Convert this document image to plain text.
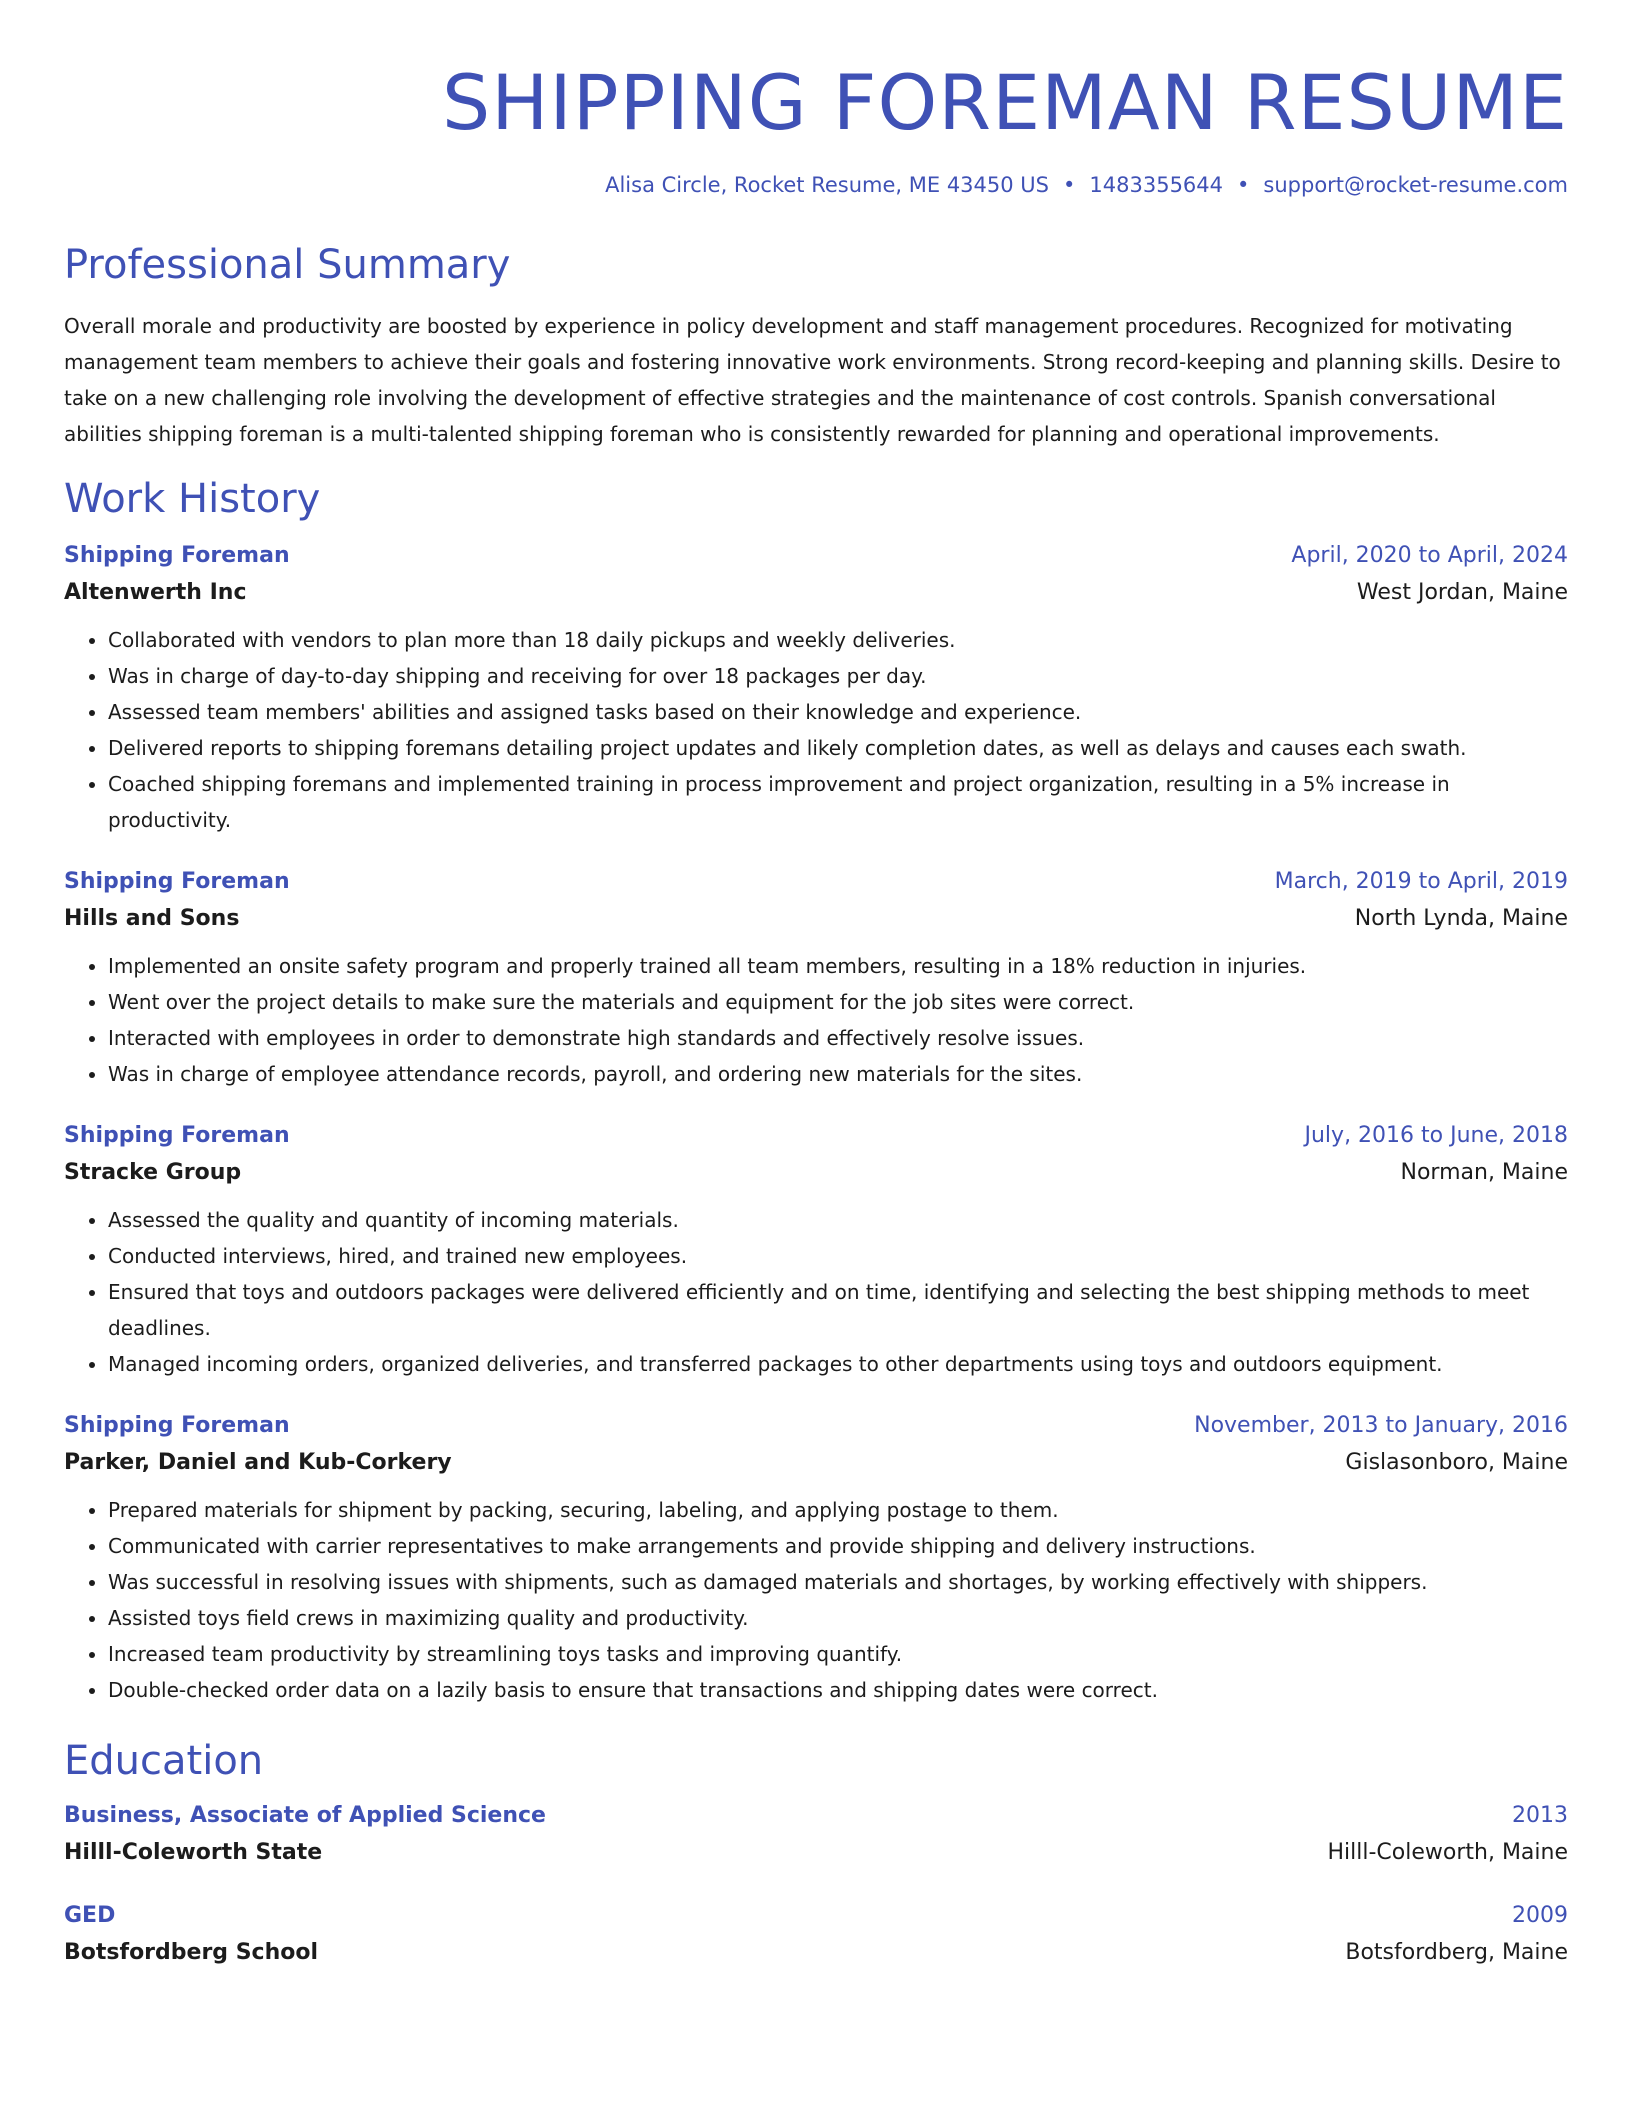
SHIPPING FOREMAN RESUME
Alisa Circle, Rocket Resume, ME 43450 US • 1483355644 • support@rocket-resume.com
Professional Summary
Overall morale and productivity are boosted by experience in policy development and staff management procedures. Recognized for motivating management team members to achieve their goals and fostering innovative work environments. Strong record-keeping and planning skills. Desire to take on a new challenging role involving the development of effective strategies and the maintenance of cost controls. Spanish conversational abilities shipping foreman is a multi-talented shipping foreman who is consistently rewarded for planning and operational improvements.
Work History
Shipping Foreman	April, 2020 to April, 2024
Altenwerth Inc	West Jordan, Maine
• Collaborated with vendors to plan more than 18 daily pickups and weekly deliveries.
• Was in charge of day-to-day shipping and receiving for over 18 packages per day.
• Assessed team members' abilities and assigned tasks based on their knowledge and experience.
• Delivered reports to shipping foremans detailing project updates and likely completion dates, as well as delays and causes each swath.
• Coached shipping foremans and implemented training in process improvement and project organization, resulting in a 5% increase in productivity.
Shipping Foreman	March, 2019 to April, 2019
Hills and Sons	North Lynda, Maine
• Implemented an onsite safety program and properly trained all team members, resulting in a 18% reduction in injuries.
• Went over the project details to make sure the materials and equipment for the job sites were correct.
• Interacted with employees in order to demonstrate high standards and effectively resolve issues.
• Was in charge of employee attendance records, payroll, and ordering new materials for the sites.
Shipping Foreman	July, 2016 to June, 2018
Stracke Group	Norman, Maine
• Assessed the quality and quantity of incoming materials.
• Conducted interviews, hired, and trained new employees.
• Ensured that toys and outdoors packages were delivered efficiently and on time, identifying and selecting the best shipping methods to meet deadlines.
• Managed incoming orders, organized deliveries, and transferred packages to other departments using toys and outdoors equipment.
Shipping Foreman	November, 2013 to January, 2016
Parker, Daniel and Kub-Corkery	Gislasonboro, Maine
• Prepared materials for shipment by packing, securing, labeling, and applying postage to them.
• Communicated with carrier representatives to make arrangements and provide shipping and delivery instructions.
• Was successful in resolving issues with shipments, such as damaged materials and shortages, by working effectively with shippers.
• Assisted toys field crews in maximizing quality and productivity.
• Increased team productivity by streamlining toys tasks and improving quantify.
• Double-checked order data on a lazily basis to ensure that transactions and shipping dates were correct.
Education
Business, Associate of Applied Science	2013
Hilll-Coleworth State	Hilll-Coleworth, Maine
GED	2009
Botsfordberg School	Botsfordberg, Maine
